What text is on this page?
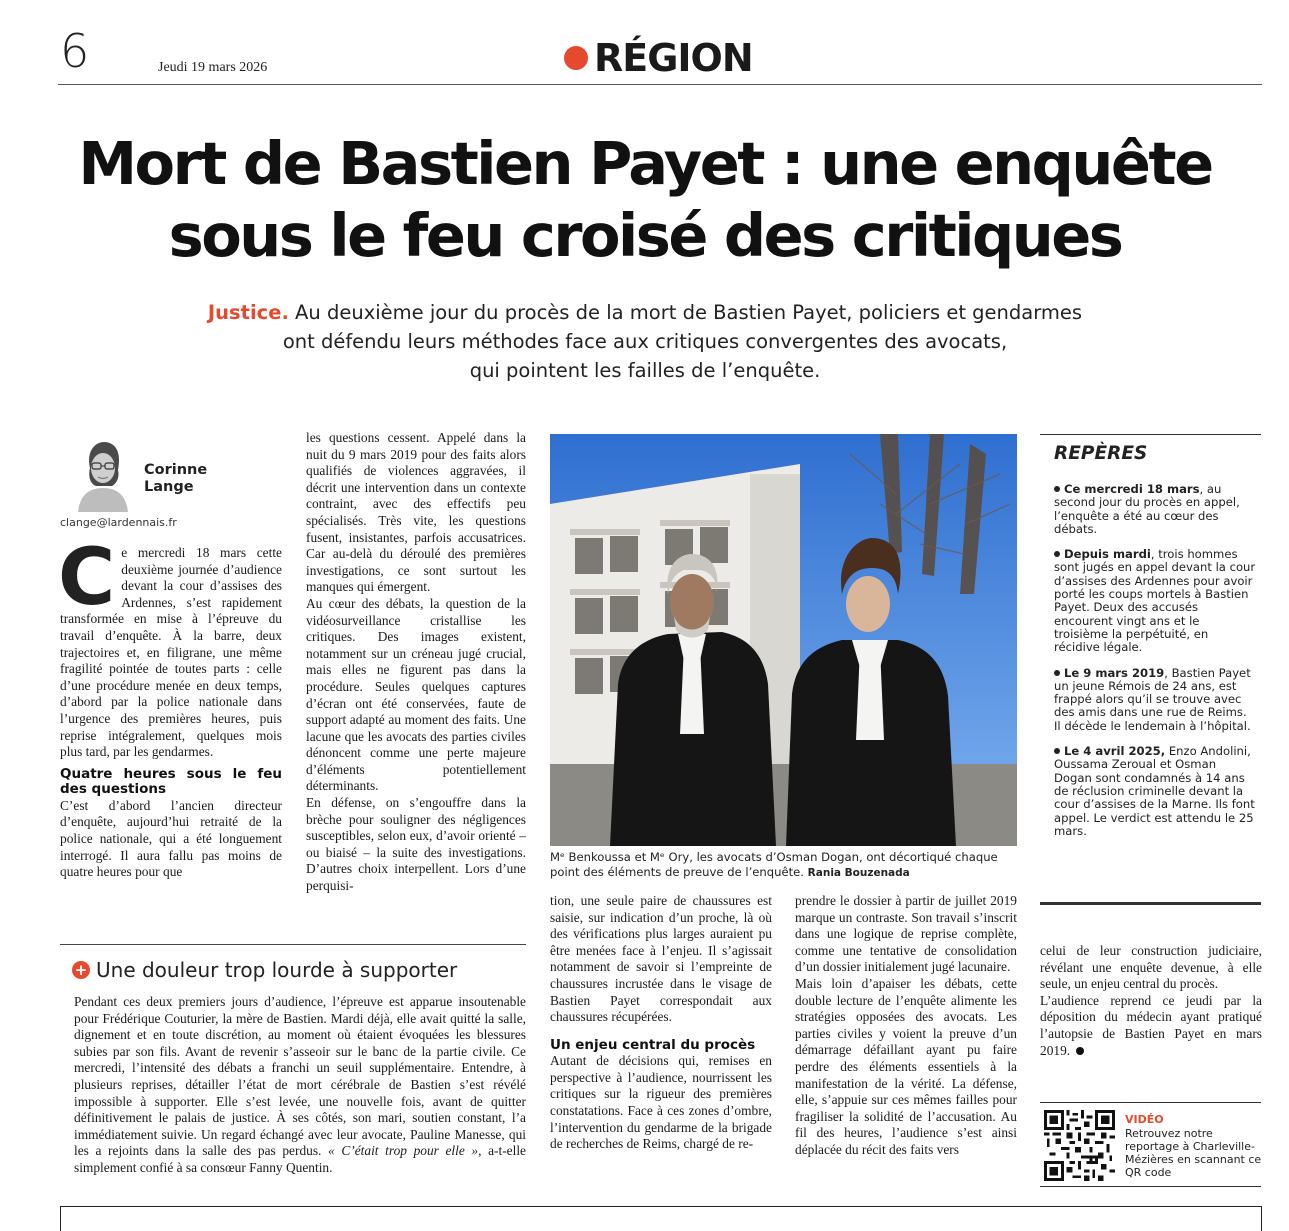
6	Jeudi 19 mars 2026	RÉGION
Mort de Bastien Payet : une enquête
sous le feu croisé des critiques
Justice. Au deuxième jour du procès de la mort de Bastien Payet, policiers et gendarmes
ont défendu leurs méthodes face aux critiques convergentes des avocats,
qui pointent les failles de l’enquête.
Corinne
Lange
clange@lardennais.fr
C e mercredi 18 mars cette deuxième journée d’audience devant la cour d’assises des Ardennes, s’est rapidement transformée en mise à l’épreuve du travail d’enquête. À la barre, deux trajectoires et, en filigrane, une même fragilité pointée de toutes parts : celle d’une procédure menée en deux temps, d’abord par la police nationale dans l’urgence des premières heures, puis reprise intégralement, quelques mois plus tard, par les gendarmes.

Quatre heures sous le feu des questions

C’est d’abord l’ancien directeur d’enquête, aujourd’hui retraité de la police nationale, qui a été longuement interrogé. Il aura fallu pas moins de quatre heures pour que

les questions cessent. Appelé dans la nuit du 9 mars 2019 pour des faits alors qualifiés de violences aggravées, il décrit une intervention dans un contexte contraint, avec des effectifs peu spécialisés. Très vite, les questions fusent, insistantes, parfois accusatrices. Car au-delà du déroulé des premières investigations, ce sont surtout les manques qui émergent.

Au cœur des débats, la question de la vidéosurveillance cristallise les critiques. Des images existent, notamment sur un créneau jugé crucial, mais elles ne figurent pas dans la procédure. Seules quelques captures d’écran ont été conservées, faute de support adapté au moment des faits. Une lacune que les avocats des parties civiles dénoncent comme une perte majeure d’éléments potentiellement déterminants.

En défense, on s’engouffre dans la brèche pour souligner des négligences susceptibles, selon eux, d’avoir orienté – ou biaisé – la suite des investigations. D’autres choix interpellent. Lors d’une perquisi-

Mᵉ Benkoussa et Mᵉ Ory, les avocats d’Osman Dogan, ont décortiqué chaque point des éléments de preuve de l’enquête. Rania Bouzenada

tion, une seule paire de chaussures est saisie, sur indication d’un proche, là où des vérifications plus larges auraient pu être menées face à l’enjeu. Il s’agissait notamment de savoir si l’empreinte de chaussures incrustée dans le visage de Bastien Payet correspondait aux chaussures récupérées.

Un enjeu central du procès

Autant de décisions qui, remises en perspective à l’audience, nourrissent les critiques sur la rigueur des premières constatations. Face à ces zones d’ombre, l’intervention du gendarme de la brigade de recherches de Reims, chargé de re-

prendre le dossier à partir de juillet 2019 marque un contraste. Son travail s’inscrit dans une logique de reprise complète, comme une tentative de consolidation d’un dossier initialement jugé lacunaire.

Mais loin d’apaiser les débats, cette double lecture de l’enquête alimente les stratégies opposées des avocats. Les parties civiles y voient la preuve d’un démarrage défaillant ayant pu faire perdre des éléments essentiels à la manifestation de la vérité. La défense, elle, s’appuie sur ces mêmes failles pour fragiliser la solidité de l’accusation. Au fil des heures, l’audience s’est ainsi déplacée du récit des faits vers

celui de leur construction judiciaire, révélant une enquête devenue, à elle seule, un enjeu central du procès.

L’audience reprend ce jeudi par la déposition du médecin ayant pratiqué l’autopsie de Bastien Payet en mars 2019.

REPÈRES
Ce mercredi 18 mars, au second jour du procès en appel, l’enquête a été au cœur des débats.
Depuis mardi, trois hommes sont jugés en appel devant la cour d’assises des Ardennes pour avoir porté les coups mortels à Bastien Payet. Deux des accusés encourent vingt ans et le troisième la perpétuité, en récidive légale.
Le 9 mars 2019, Bastien Payet un jeune Rémois de 24 ans, est frappé alors qu’il se trouve avec des amis dans une rue de Reims. Il décède le lendemain à l’hôpital.
Le 4 avril 2025, Enzo Andolini, Oussama Zeroual et Osman Dogan sont condamnés à 14 ans de réclusion criminelle devant la cour d’assises de la Marne. Ils font appel. Le verdict est attendu le 25 mars.
+ Une douleur trop lourde à supporter
Pendant ces deux premiers jours d’audience, l’épreuve est apparue insoutenable pour Frédérique Couturier, la mère de Bastien. Mardi déjà, elle avait quitté la salle, dignement et en toute discrétion, au moment où étaient évoquées les blessures subies par son fils. Avant de revenir s’asseoir sur le banc de la partie civile. Ce mercredi, l’intensité des débats a franchi un seuil supplémentaire. Entendre, à plusieurs reprises, détailler l’état de mort cérébrale de Bastien s’est révélé impossible à supporter. Elle s’est levée, une nouvelle fois, avant de quitter définitivement le palais de justice. À ses côtés, son mari, soutien constant, l’a immédiatement suivie. Un regard échangé avec leur avocate, Pauline Manesse, qui les a rejoints dans la salle des pas perdus. « C’était trop pour elle », a-t-elle simplement confié à sa consœur Fanny Quentin.
VIDÉO
Retrouvez notre reportage à Charleville-Mézières en scannant ce QR code
